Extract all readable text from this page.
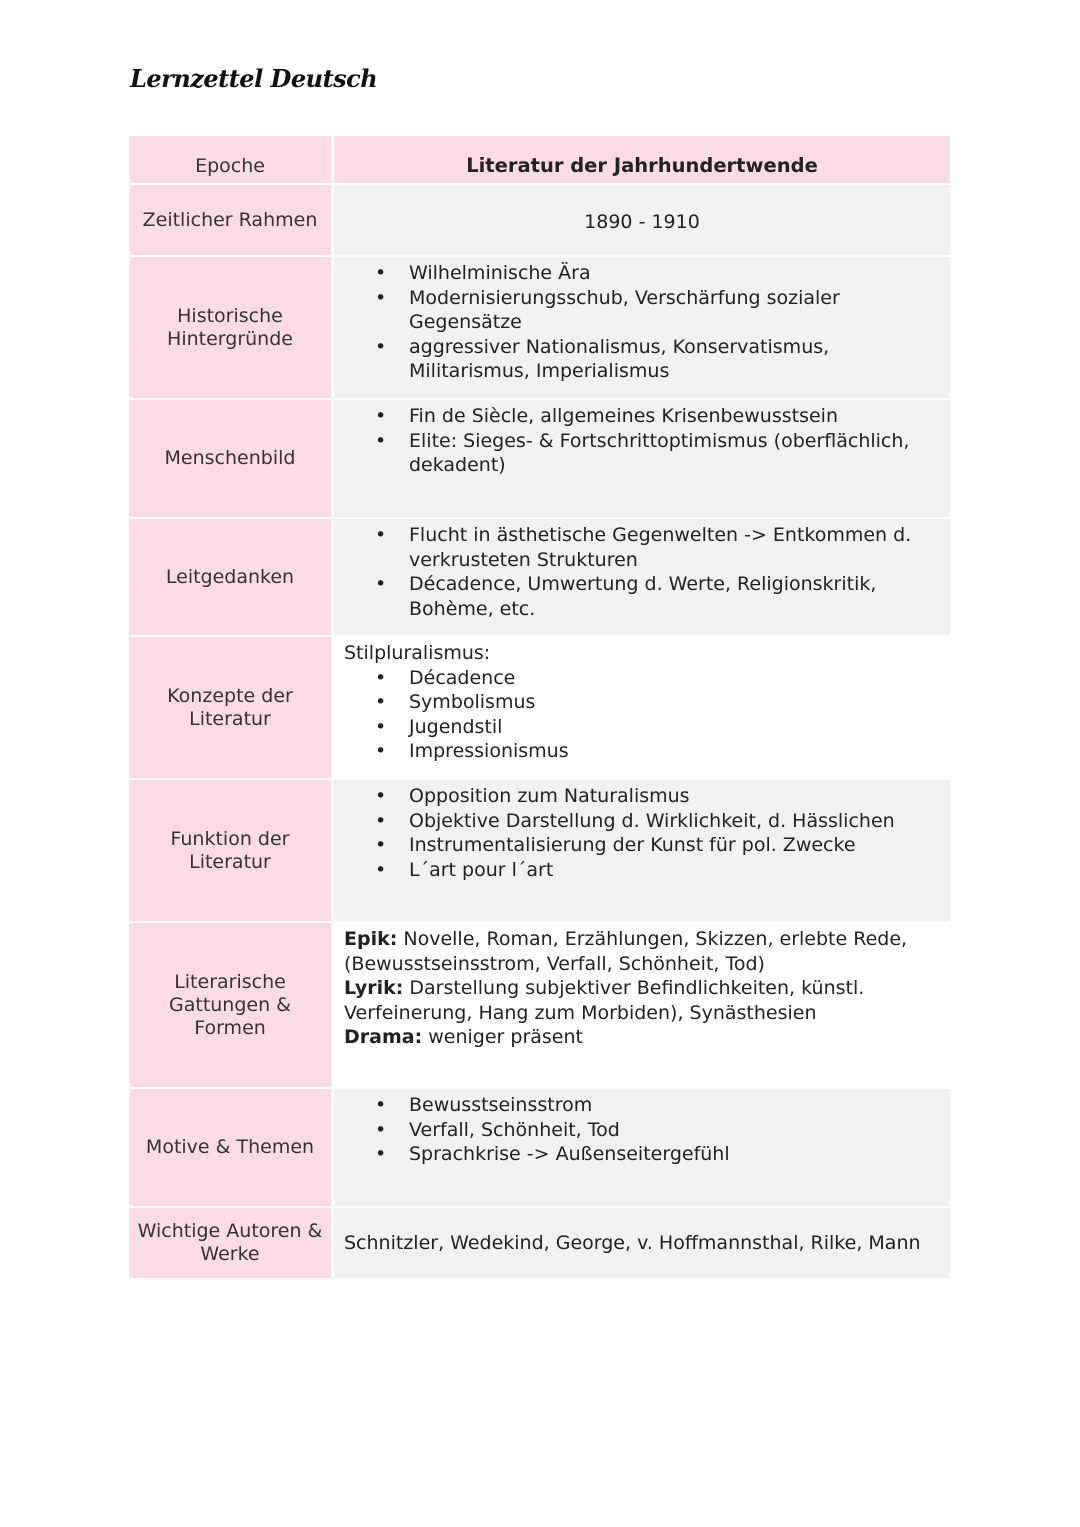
Lernzettel Deutsch
Epoche	Literatur der Jahrhundertwende
Zeitlicher Rahmen	1890 - 1910
Historische Hintergründe
• Wilhelminische Ära
• Modernisierungsschub, Verschärfung sozialer Gegensätze
• aggressiver Nationalismus, Konservatismus, Militarismus, Imperialismus
Menschenbild
• Fin de Siècle, allgemeines Krisenbewusstsein
• Elite: Sieges- & Fortschrittoptimismus (oberflächlich, dekadent)
Leitgedanken
• Flucht in ästhetische Gegenwelten -> Entkommen d. verkrusteten Strukturen
• Décadence, Umwertung d. Werte, Religionskritik, Bohème, etc.
Konzepte der Literatur

Stilpluralismus:

• Décadence
• Symbolismus
• Jugendstil
• Impressionismus
Funktion der Literatur
• Opposition zum Naturalismus
• Objektive Darstellung d. Wirklichkeit, d. Hässlichen
• Instrumentalisierung der Kunst für pol. Zwecke
• L´art pour l´art
Literarische Gattungen & Formen

Epik: Novelle, Roman, Erzählungen, Skizzen, erlebte Rede, (Bewusstseinsstrom, Verfall, Schönheit, Tod)

Lyrik: Darstellung subjektiver Befindlichkeiten, künstl. Verfeinerung, Hang zum Morbiden), Synästhesien

Drama: weniger präsent

Motive & Themen
• Bewusstseinsstrom
• Verfall, Schönheit, Tod
• Sprachkrise -> Außenseitergefühl
Wichtige Autoren & Werke
Schnitzler, Wedekind, George, v. Hoffmannsthal, Rilke, Mann
